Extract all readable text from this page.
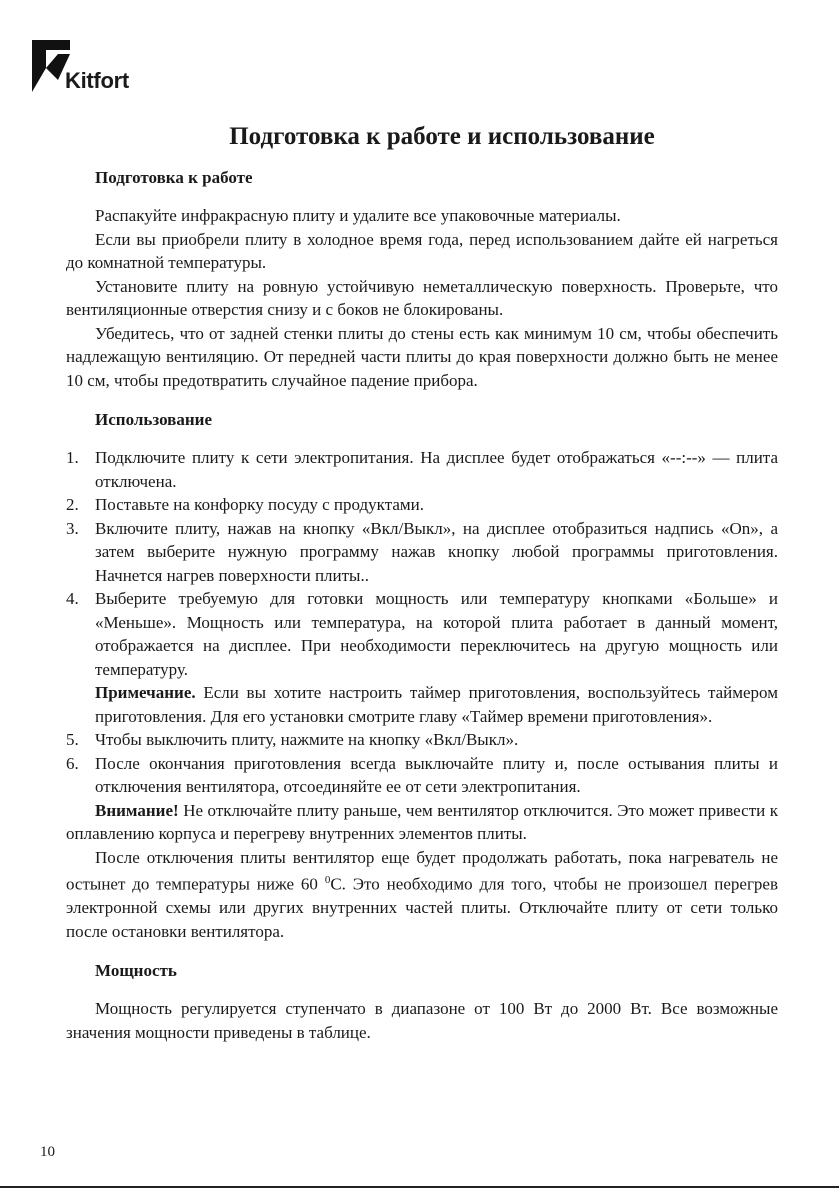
Kitfort
Подготовка к работе и использование
Подготовка к работе

Распакуйте инфракрасную плиту и удалите все упаковочные материалы.

Если вы приобрели плиту в холодное время года, перед использованием дайте ей нагреться до комнатной температуры.

Установите плиту на ровную устойчивую неметаллическую поверхность. Проверьте, что вентиляционные отверстия снизу и с боков не блокированы.

Убедитесь, что от задней стенки плиты до стены есть как минимум 10 см, чтобы обеспечить надлежащую вентиляцию. От передней части плиты до края поверхности должно быть не менее 10 см, чтобы предотвратить случайное падение прибора.

Использование
1. Подключите плиту к сети электропитания. На дисплее будет отображаться «--:--» — плита отключена.
2. Поставьте на конфорку посуду с продуктами.
3. Включите плиту, нажав на кнопку «Вкл/Выкл», на дисплее отобразиться надпись «On», а затем выберите нужную программу нажав кнопку любой программы приготовления. Начнется нагрев поверхности плиты..
4. Выберите требуемую для готовки мощность или температуру кнопками «Больше» и «Меньше». Мощность или температура, на которой плита работает в данный момент, отображается на дисплее. При необходимости переключитесь на другую мощность или температуру.
Примечание. Если вы хотите настроить таймер приготовления, воспользуйтесь таймером приготовления. Для его установки смотрите главу «Таймер времени приготовления».
5. Чтобы выключить плиту, нажмите на кнопку «Вкл/Выкл».
6. После окончания приготовления всегда выключайте плиту и, после остывания плиты и отключения вентилятора, отсоединяйте ее от сети электропитания.

Внимание! Не отключайте плиту раньше, чем вентилятор отключится. Это может привести к оплавлению корпуса и перегреву внутренних элементов плиты.

После отключения плиты вентилятор еще будет продолжать работать, пока нагреватель не остынет до температуры ниже 60 $^0$С. Это необходимо для того, чтобы не произошел перегрев электронной схемы или других внутренних частей плиты. Отключайте плиту от сети только после остановки вентилятора.

Мощность

Мощность регулируется ступенчато в диапазоне от 100 Вт до 2000 Вт. Все возможные значения мощности приведены в таблице.

10
